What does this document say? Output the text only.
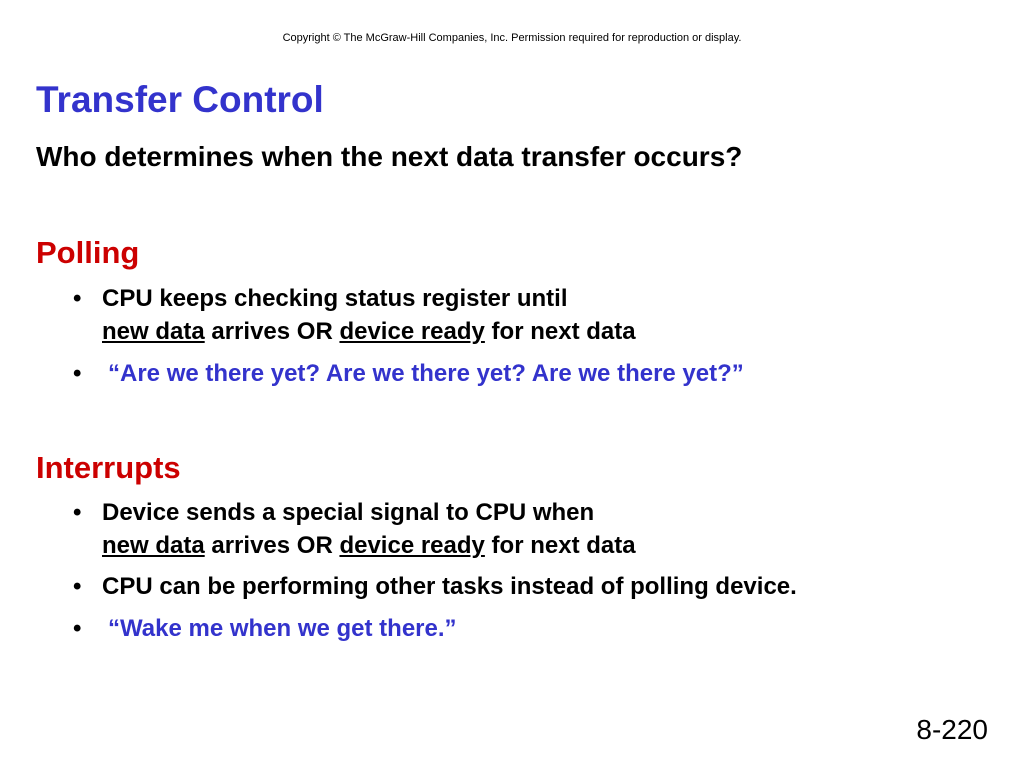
Copyright © The McGraw-Hill Companies, Inc. Permission required for reproduction or display.
Transfer Control
Who determines when the next data transfer occurs?
Polling
• CPU keeps checking status register until
new data arrives OR device ready for next data
• “Are we there yet? Are we there yet? Are we there yet?”
Interrupts
• Device sends a special signal to CPU when
new data arrives OR device ready for next data
• CPU can be performing other tasks instead of polling device.
• “Wake me when we get there.”
8-220
